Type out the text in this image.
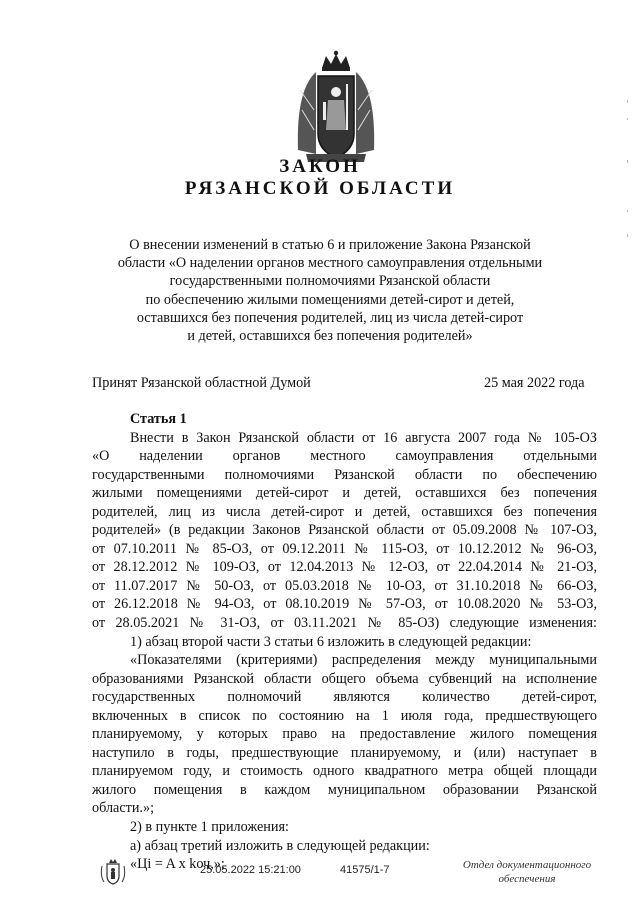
ЗАКОН
РЯЗАНСКОЙ ОБЛАСТИ
О внесении изменений в статью 6 и приложение Закона Рязанской
области «О наделении органов местного самоуправления отдельными
государственными полномочиями Рязанской области
по обеспечению жилыми помещениями детей-сирот и детей,
оставшихся без попечения родителей, лиц из числа детей-сирот
и детей, оставшихся без попечения родителей»
Принят Рязанской областной Думой	25 мая 2022 года
Статья 1
Внести в Закон Рязанской области от 16 августа 2007 года № 105-ОЗ
«О наделении органов местного самоуправления отдельными
государственными полномочиями Рязанской области по обеспечению
жилыми помещениями детей-сирот и детей, оставшихся без попечения
родителей, лиц из числа детей-сирот и детей, оставшихся без попечения
родителей» (в редакции Законов Рязанской области от 05.09.2008 № 107-ОЗ,
от 07.10.2011 № 85-ОЗ, от 09.12.2011 № 115-ОЗ, от 10.12.2012 № 96-ОЗ,
от 28.12.2012 № 109-ОЗ, от 12.04.2013 № 12-ОЗ, от 22.04.2014 № 21-ОЗ,
от 11.07.2017 № 50-ОЗ, от 05.03.2018 № 10-ОЗ, от 31.10.2018 № 66-ОЗ,
от 26.12.2018 № 94-ОЗ, от 08.10.2019 № 57-ОЗ, от 10.08.2020 № 53-ОЗ,
от 28.05.2021 № 31-ОЗ, от 03.11.2021 № 85-ОЗ) следующие изменения:
1) абзац второй части 3 статьи 6 изложить в следующей редакции:
«Показателями (критериями) распределения между муниципальными
образованиями Рязанской области общего объема субвенций на исполнение
государственных полномочий являются количество детей-сирот,
включенных в список по состоянию на 1 июля года, предшествующего
планируемому, у которых право на предоставление жилого помещения
наступило в годы, предшествующие планируемому, и (или) наступает в
планируемом году, и стоимость одного квадратного метра общей площади
жилого помещения в каждом муниципальном образовании Рязанской
области.»;
2) в пункте 1 приложения:
а) абзац третий изложить в следующей редакции:
«Цi = A x kоч,»;
25.05.2022 15:21:00	41575/1-7	Отдел документационного
обеспечения
